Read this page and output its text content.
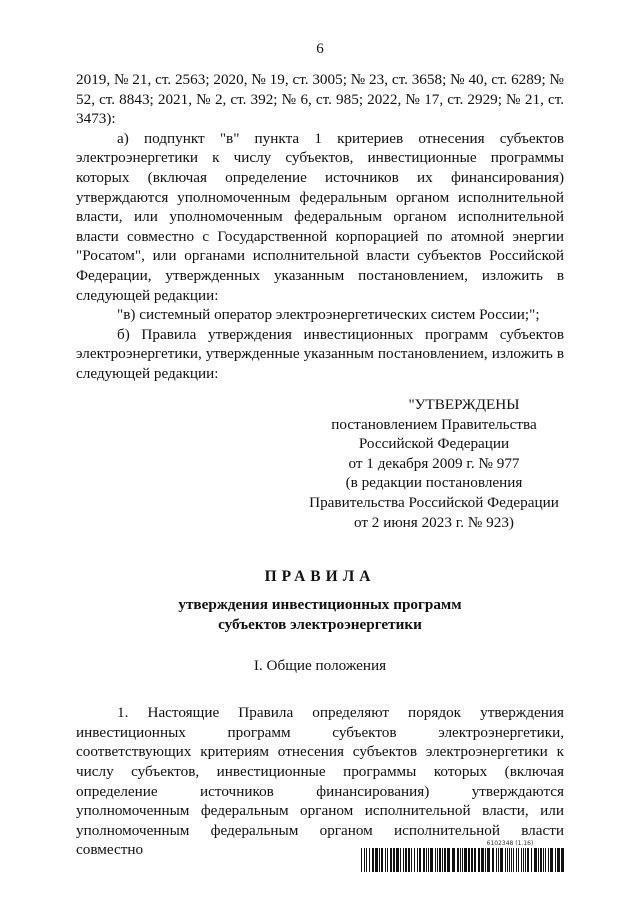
6

2019, № 21, ст. 2563; 2020, № 19, ст. 3005; № 23, ст. 3658; № 40, ст. 6289; № 52, ст. 8843; 2021, № 2, ст. 392; № 6, ст. 985; 2022, № 17, ст. 2929; № 21, ст. 3473):

а) подпункт "в" пункта 1 критериев отнесения субъектов электроэнергетики к числу субъектов, инвестиционные программы которых (включая определение источников их финансирования) утверждаются уполномоченным федеральным органом исполнительной власти, или уполномоченным федеральным органом исполнительной власти совместно с Государственной корпорацией по атомной энергии "Росатом", или органами исполнительной власти субъектов Российской Федерации, утвержденных указанным постановлением, изложить в следующей редакции:

"в) системный оператор электроэнергетических систем России;";

б) Правила утверждения инвестиционных программ субъектов электроэнергетики, утвержденные указанным постановлением, изложить в следующей редакции:

"УТВЕРЖДЕНЫ
постановлением Правительства
Российской Федерации
от 1 декабря 2009 г. № 977
(в редакции постановления
Правительства Российской Федерации
от 2 июня 2023 г. № 923)
ПРАВИЛА
утверждения инвестиционных программ
субъектов электроэнергетики
I. Общие положения

1. Настоящие Правила определяют порядок утверждения инвестиционных программ субъектов электроэнергетики, соответствующих критериям отнесения субъектов электроэнергетики к числу субъектов, инвестиционные программы которых (включая определение источников финансирования) утверждаются уполномоченным федеральным органом исполнительной власти, или уполномоченным федеральным органом исполнительной власти совместно	6102348 (1.16)
